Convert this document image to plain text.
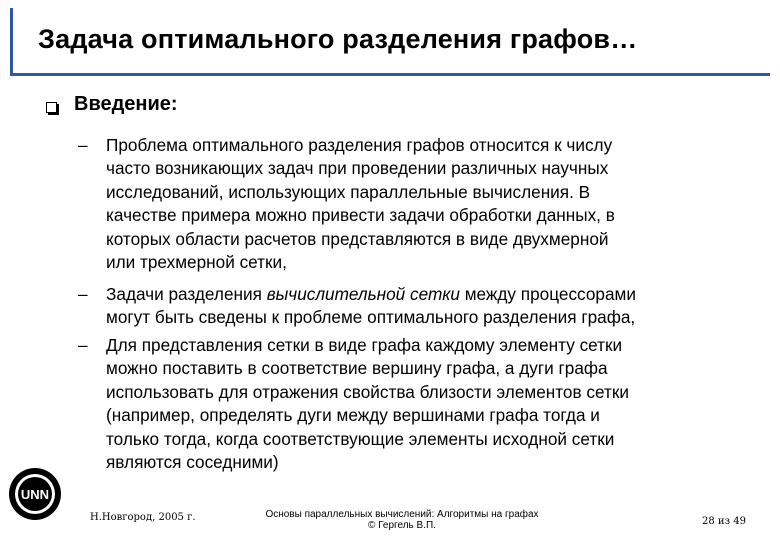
Задача оптимального разделения графов…
Введение:
–	Проблема оптимального разделения графов относится к числу
часто возникающих задач при проведении различных научных
исследований, использующих параллельные вычисления. В
качестве примера можно привести задачи обработки данных, в
которых области расчетов представляются в виде двухмерной
или трехмерной сетки,
–	Задачи разделения вычислительной сетки между процессорами
могут быть сведены к проблеме оптимального разделения графа,
–	Для представления сетки в виде графа каждому элементу сетки
можно поставить в соответствие вершину графа, а дуги графа
использовать для отражения свойства близости элементов сетки
(например, определять дуги между вершинами графа тогда и
только тогда, когда соответствующие элементы исходной сетки
являются соседними)
UNN
Н.Новгород, 2005 г.	Основы параллельных вычислений: Алгоритмы на графах
© Гергель В.П.	28 из 49
